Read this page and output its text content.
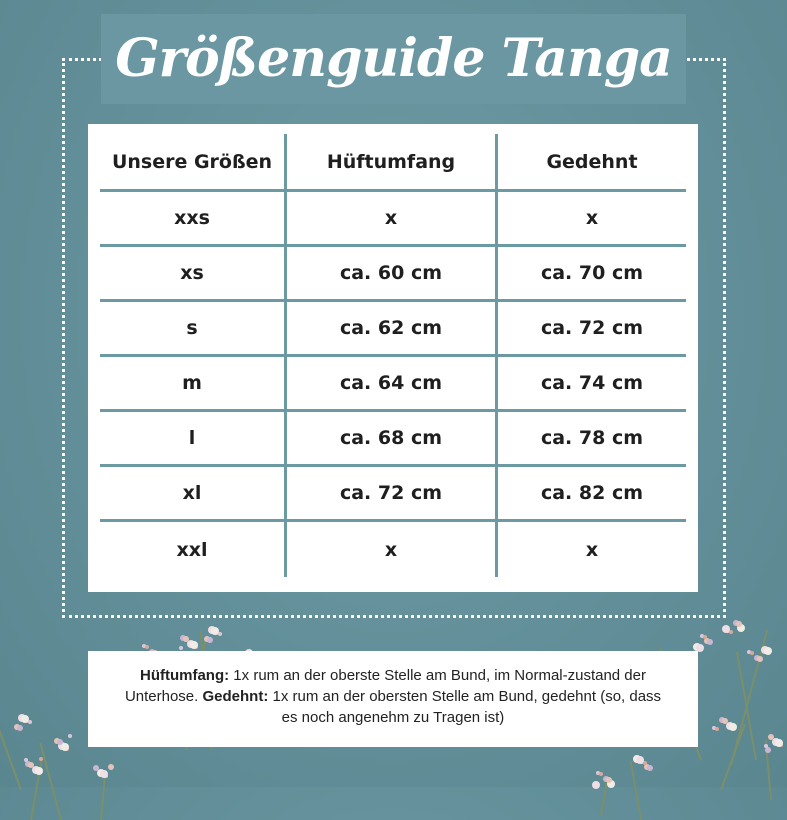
Größenguide Tanga
Unsere Größen	Hüftumfang	Gedehnt
xxs	x	x
xs	ca. 60 cm	ca. 70 cm
s	ca. 62 cm	ca. 72 cm
m	ca. 64 cm	ca. 74 cm
l	ca. 68 cm	ca. 78 cm
xl	ca. 72 cm	ca. 82 cm
xxl	x	x
Hüftumfang: 1x rum an der oberste Stelle am Bund, im Normal-zustand der Unterhose. Gedehnt: 1x rum an der obersten Stelle am Bund, gedehnt (so, dass es noch angenehm zu Tragen ist)
